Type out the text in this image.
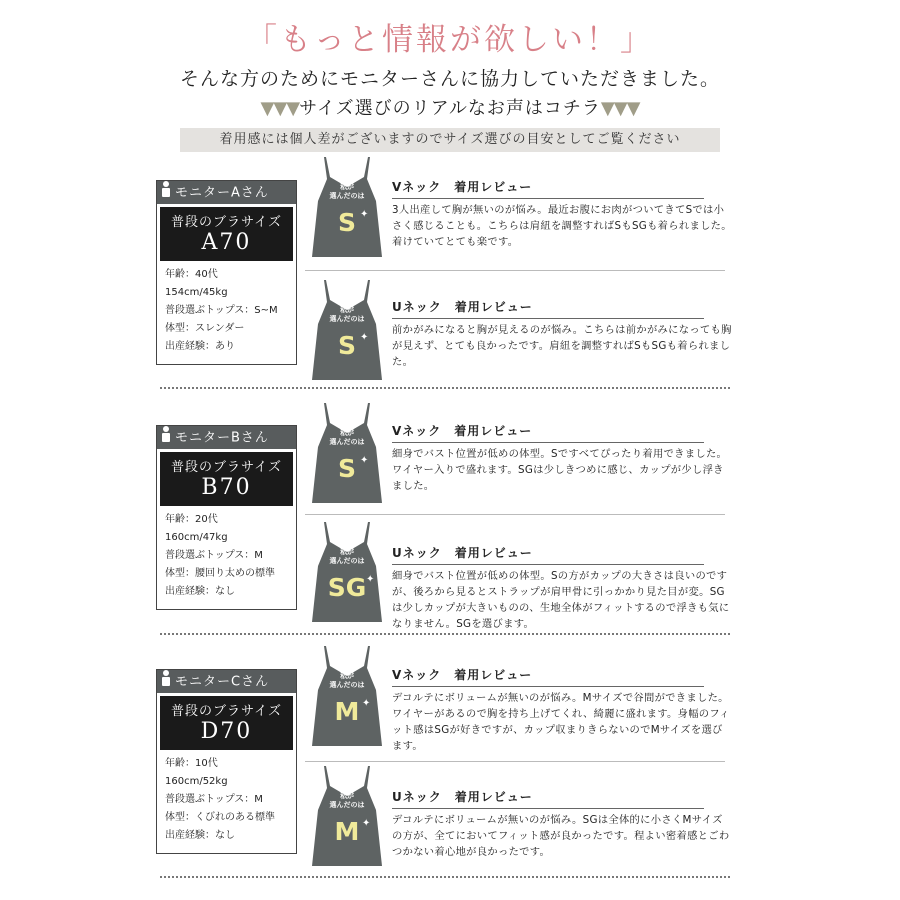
「もっと情報が欲しい！」
そんな方のためにモニターさんに協力していただきました。
▼▼▼サイズ選びのリアルなお声はコチラ▼▼▼
着用感には個人差がございますのでサイズ選びの目安としてご覧ください
モニターAさん
普段のブラサイズ
A70
年齢：40代
154cm/45kg
普段選ぶトップス：S~M
体型：スレンダー
出産経験：あり
私が
選んだのは
S ✦
Vネック　着用レビュー
3人出産して胸が無いのが悩み。最近お腹にお肉がついてきてSでは小さく感じることも。こちらは肩紐を調整すればSもSGも着られました。着けていてとても楽です。
私が
選んだのは
S ✦
Uネック　着用レビュー
前かがみになると胸が見えるのが悩み。こちらは前かがみになっても胸が見えず、とても良かったです。肩紐を調整すればSもSGも着られました。
モニターBさん
普段のブラサイズ
B70
年齢：20代
160cm/47kg
普段選ぶトップス：M
体型：腰回り太めの標準
出産経験：なし
私が
選んだのは
S ✦
Vネック　着用レビュー
細身でバスト位置が低めの体型。Sですべてぴったり着用できました。ワイヤー入りで盛れます。SGは少しきつめに感じ、カップが少し浮きました。
私が
選んだのは
SG ✦
Uネック　着用レビュー
細身でバスト位置が低めの体型。Sの方がカップの大きさは良いのですが、後ろから見るとストラップが肩甲骨に引っかかり見た目が変。SGは少しカップが大きいものの、生地全体がフィットするので浮きも気になりません。SGを選びます。
モニターCさん
普段のブラサイズ
D70
年齢：10代
160cm/52kg
普段選ぶトップス：M
体型：くびれのある標準
出産経験：なし
私が
選んだのは
M ✦
Vネック　着用レビュー
デコルテにボリュームが無いのが悩み。Mサイズで谷間ができました。ワイヤーがあるので胸を持ち上げてくれ、綺麗に盛れます。身幅のフィット感はSGが好きですが、カップ収まりきらないのでMサイズを選びます。
私が
選んだのは
M ✦
Uネック　着用レビュー
デコルテにボリュームが無いのが悩み。SGは全体的に小さくMサイズの方が、全てにおいてフィット感が良かったです。程よい密着感とごわつかない着心地が良かったです。
